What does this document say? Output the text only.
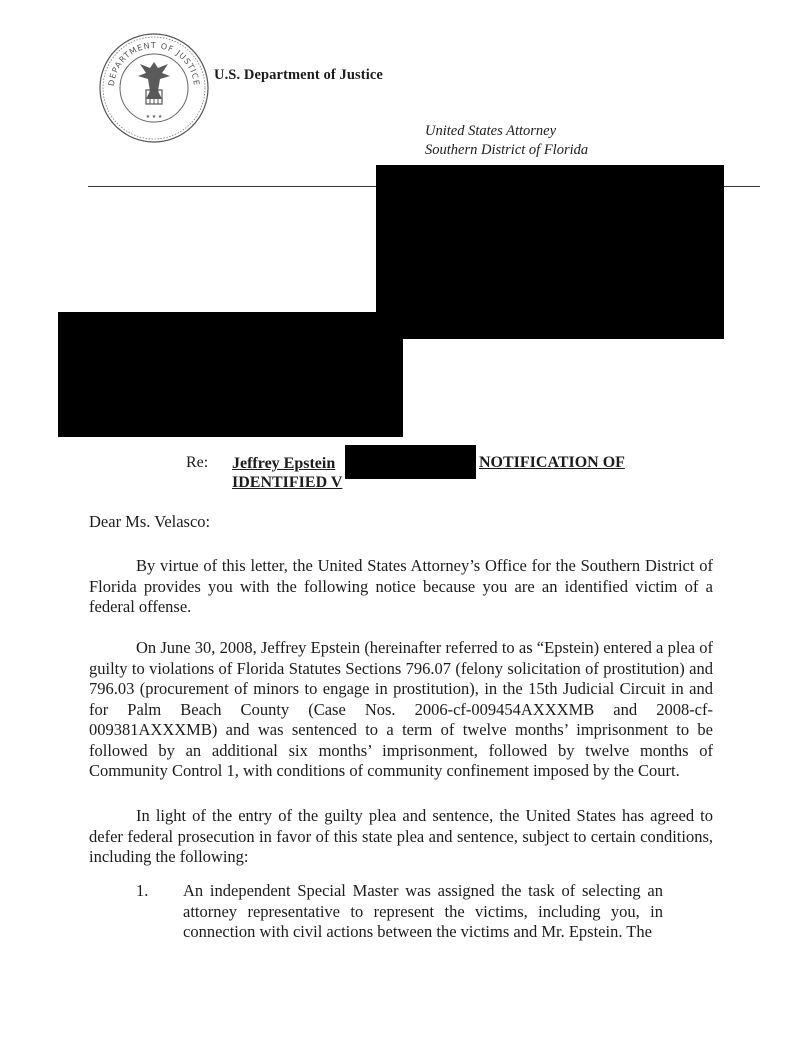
DEPARTMENT OF JUSTICE
★ ★ ★
U.S. Department of Justice
United States Attorney
Southern District of Florida
Re: Jeffrey Epstein
IDENTIFIED V
NOTIFICATION OF
Dear Ms. Velasco:

By virtue of this letter, the United States Attorney’s Office for the Southern District of Florida provides you with the following notice because you are an identified victim of a federal offense.

On June 30, 2008, Jeffrey Epstein (hereinafter referred to as “Epstein) entered a plea of guilty to violations of Florida Statutes Sections 796.07 (felony solicitation of prostitution) and 796.03 (procurement of minors to engage in prostitution), in the 15th Judicial Circuit in and for Palm Beach County (Case Nos. 2006-cf-009454AXXXMB and 2008-cf-009381AXXXMB) and was sentenced to a term of twelve months’ imprisonment to be followed by an additional six months’ imprisonment, followed by twelve months of Community Control 1, with conditions of community confinement imposed by the Court.

In light of the entry of the guilty plea and sentence, the United States has agreed to defer federal prosecution in favor of this state plea and sentence, subject to certain conditions, including the following:

1. An independent Special Master was assigned the task of selecting an attorney representative to represent the victims, including you, in connection with civil actions between the victims and Mr. Epstein. The
